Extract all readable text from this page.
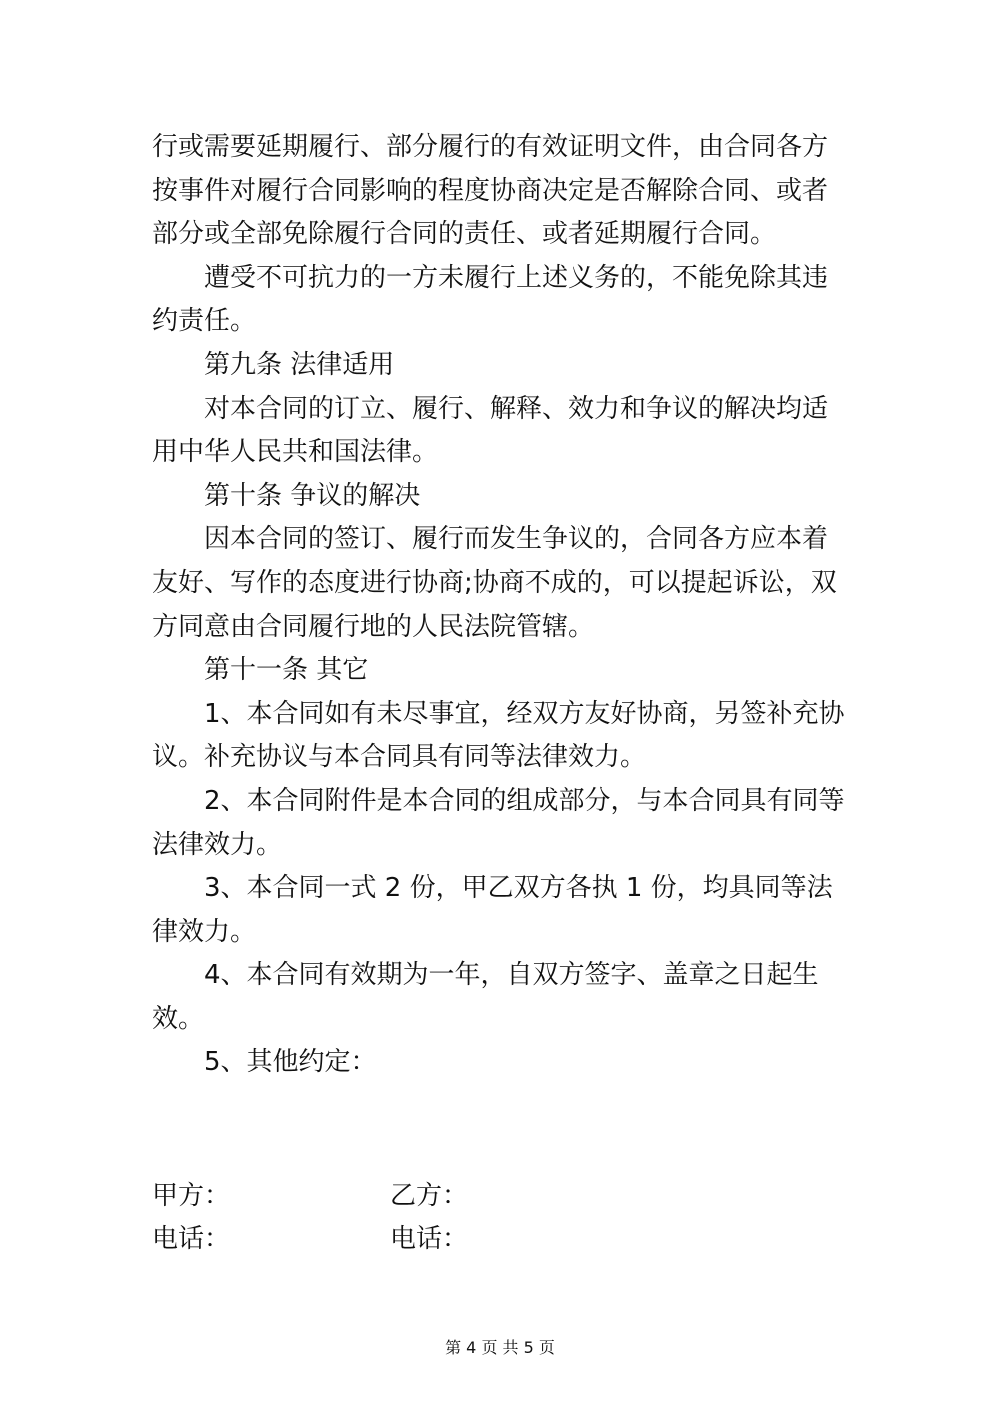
行或需要延期履行、部分履行的有效证明文件，由合同各方按事件对履行合同影响的程度协商决定是否解除合同、或者部分或全部免除履行合同的责任、或者延期履行合同。

遭受不可抗力的一方未履行上述义务的，不能免除其违约责任。

第九条 法律适用

对本合同的订立、履行、解释、效力和争议的解决均适用中华人民共和国法律。

第十条 争议的解决

因本合同的签订、履行而发生争议的，合同各方应本着友好、写作的态度进行协商;协商不成的，可以提起诉讼，双方同意由合同履行地的人民法院管辖。

第十一条 其它

1、本合同如有未尽事宜，经双方友好协商，另签补充协议。补充协议与本合同具有同等法律效力。

2、本合同附件是本合同的组成部分，与本合同具有同等法律效力。

3、本合同一式 2 份，甲乙双方各执 1 份，均具同等法律效力。

4、本合同有效期为一年，自双方签字、盖章之日起生效。

5、其他约定：

甲方：	乙方：
电话：	电话：
第 4 页 共 5 页
